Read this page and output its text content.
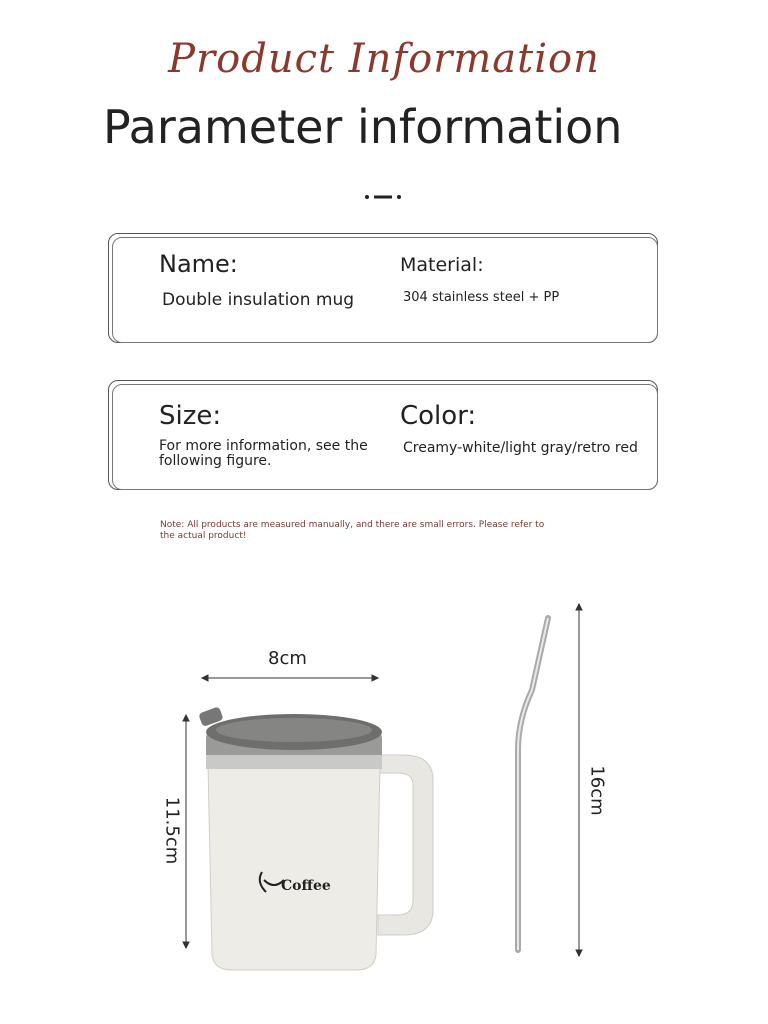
Product Information
Parameter information
Name:
Double insulation mug
Material:
304 stainless steel + PP
Size:
For more information, see the following figure.
Color:
Creamy-white/light gray/retro red
Note: All products are measured manually, and there are small errors. Please refer to the actual product!
8cm
11.5cm
16cm
Coffee
